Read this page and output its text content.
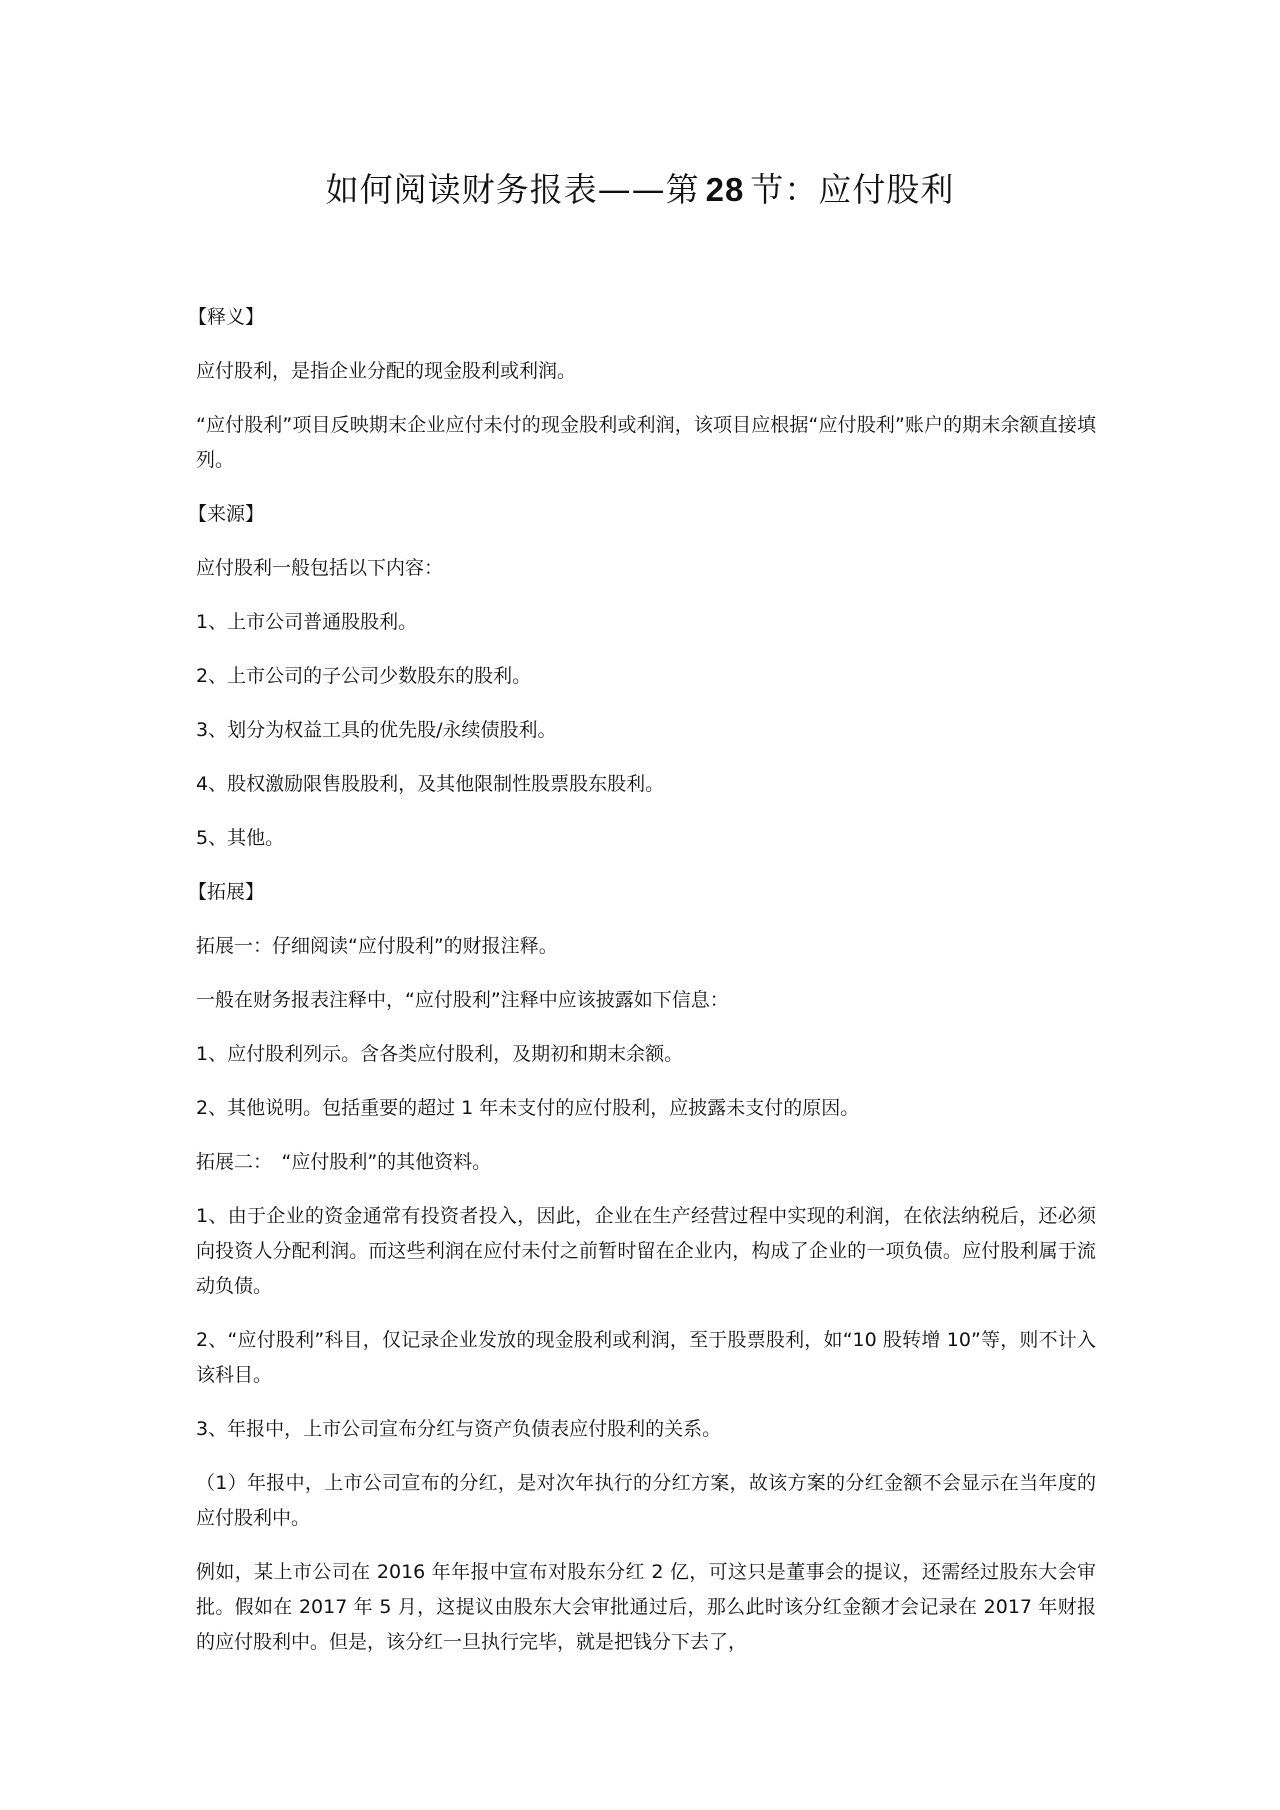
如何阅读财务报表——第 28 节：应付股利
【释义】
应付股利，是指企业分配的现金股利或利润。
“应付股利”项目反映期末企业应付未付的现金股利或利润，该项目应根据“应付股利”账户的期末余额直接填列。
【来源】
应付股利一般包括以下内容：
1、上市公司普通股股利。
2、上市公司的子公司少数股东的股利。
3、划分为权益工具的优先股/永续债股利。
4、股权激励限售股股利，及其他限制性股票股东股利。
5、其他。
【拓展】
拓展一：仔细阅读“应付股利”的财报注释。
一般在财务报表注释中，“应付股利”注释中应该披露如下信息：
1、应付股利列示。含各类应付股利，及期初和期末余额。
2、其他说明。包括重要的超过 1 年未支付的应付股利，应披露未支付的原因。
拓展二：　“应付股利”的其他资料。
1、由于企业的资金通常有投资者投入，因此，企业在生产经营过程中实现的利润，在依法纳税后，还必须向投资人分配利润。而这些利润在应付未付之前暂时留在企业内，构成了企业的一项负债。应付股利属于流动负债。
2、“应付股利”科目，仅记录企业发放的现金股利或利润，至于股票股利，如“10 股转增 10”等，则不计入该科目。
3、年报中，上市公司宣布分红与资产负债表应付股利的关系。
（1）年报中，上市公司宣布的分红，是对次年执行的分红方案，故该方案的分红金额不会显示在当年度的应付股利中。
例如，某上市公司在 2016 年年报中宣布对股东分红 2 亿，可这只是董事会的提议，还需经过股东大会审批。假如在 2017 年 5 月，这提议由股东大会审批通过后，那么此时该分红金额才会记录在 2017 年财报的应付股利中。但是，该分红一旦执行完毕，就是把钱分下去了，
